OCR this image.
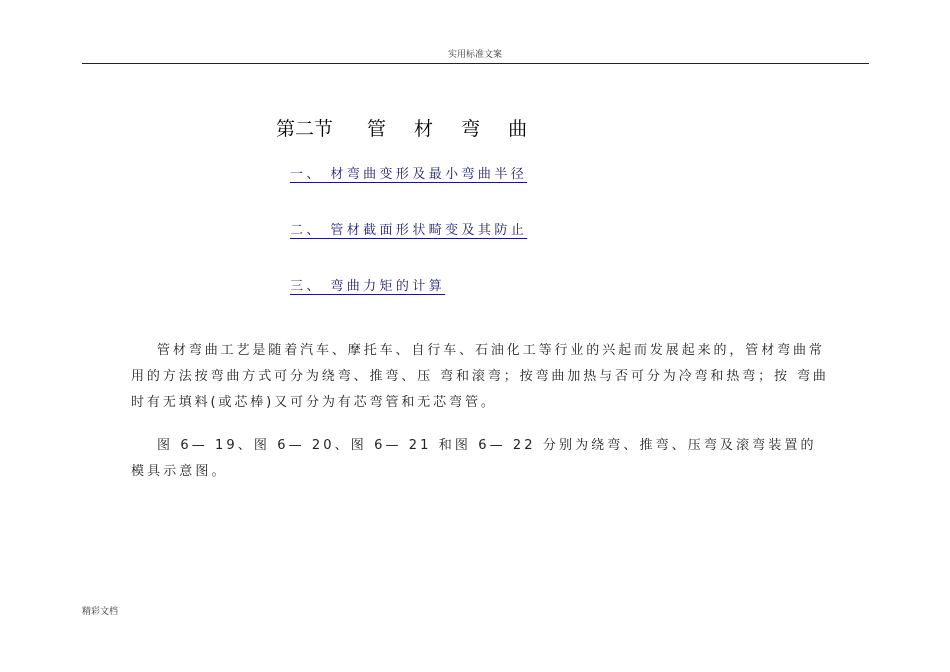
实用标准文案
第二节 管 材 弯 曲
一、 材弯曲变形及最小弯曲半径
二、 管材截面形状畸变及其防止
三、 弯曲力矩的计算

管材弯曲工艺是随着汽车、摩托车、自行车、石油化工等行业的兴起而发展起来的，管材弯曲常用的方法按弯曲方式可分为绕弯、推弯、压 弯和滚弯；按弯曲加热与否可分为冷弯和热弯；按 弯曲时有无填料(或芯棒)又可分为有芯弯管和无芯弯管。

图 6— 19、图 6— 20、图 6— 21 和图 6— 22 分别为绕弯、推弯、压弯及滚弯装置的模具示意图。

精彩文档
